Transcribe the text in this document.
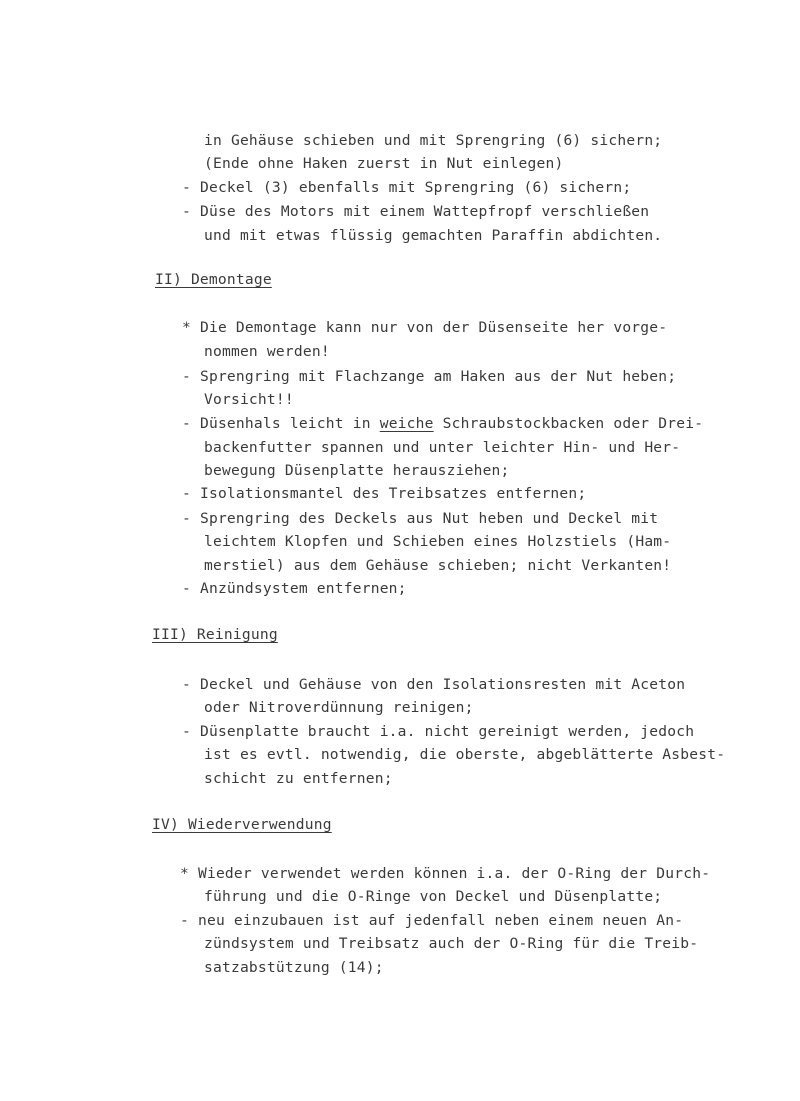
in Gehäuse schieben und mit Sprengring (6) sichern;
(Ende ohne Haken zuerst in Nut einlegen)
- Deckel (3) ebenfalls mit Sprengring (6) sichern;
- Düse des Motors mit einem Wattepfropf verschließen
und mit etwas flüssig gemachten Paraffin abdichten.
II) Demontage
* Die Demontage kann nur von der Düsenseite her vorge-
nommen werden!
- Sprengring mit Flachzange am Haken aus der Nut heben;
Vorsicht!!
- Düsenhals leicht in weiche Schraubstockbacken oder Drei-
backenfutter spannen und unter leichter Hin- und Her-
bewegung Düsenplatte herausziehen;
- Isolationsmantel des Treibsatzes entfernen;
- Sprengring des Deckels aus Nut heben und Deckel mit
leichtem Klopfen und Schieben eines Holzstiels (Ham-
merstiel) aus dem Gehäuse schieben; nicht Verkanten!
- Anzündsystem entfernen;
III) Reinigung
- Deckel und Gehäuse von den Isolationsresten mit Aceton
oder Nitroverdünnung reinigen;
- Düsenplatte braucht i.a. nicht gereinigt werden, jedoch
ist es evtl. notwendig, die oberste, abgeblätterte Asbest-
schicht zu entfernen;
IV) Wiederverwendung
* Wieder verwendet werden können i.a. der O-Ring der Durch-
führung und die O-Ringe von Deckel und Düsenplatte;
- neu einzubauen ist auf jedenfall neben einem neuen An-
zündsystem und Treibsatz auch der O-Ring für die Treib-
satzabstützung (14);
